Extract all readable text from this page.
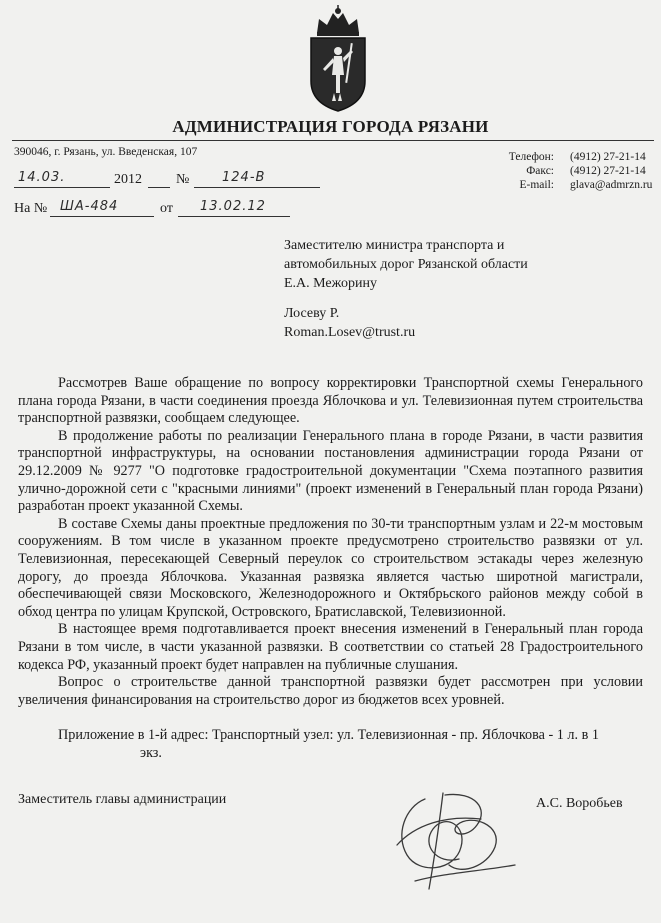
АДМИНИСТРАЦИЯ ГОРОДА РЯЗАНИ
390046, г. Рязань, ул. Введенская, 107	Телефон: (4912) 27-21-14
Факс: (4912) 27-21-14
E-mail: glava@admrzn.ru
14.03.	2012 №	124-В
На № ША-484	от 13.02.12
Заместителю министра транспорта и
автомобильных дорог Рязанской области
Е.А. Межорину
Лосеву Р.
Roman.Losev@trust.ru

Рассмотрев Ваше обращение по вопросу корректировки Транспортной схемы Генерального плана города Рязани, в части соединения проезда Яблочкова и ул. Телевизионная путем строительства транспортной развязки, сообщаем следующее.

В продолжение работы по реализации Генерального плана в городе Рязани, в части развития транспортной инфраструктуры, на основании постановления администрации города Рязани от 29.12.2009 № 9277 "О подготовке градостроительной документации "Схема поэтапного развития улично-дорожной сети с "красными линиями" (проект изменений в Генеральный план города Рязани) разработан проект указанной Схемы.

В составе Схемы даны проектные предложения по 30-ти транспортным узлам и 22-м мостовым сооружениям. В том числе в указанном проекте предусмотрено строительство развязки от ул. Телевизионная, пересекающей Северный переулок со строительством эстакады через железную дорогу, до проезда Яблочкова. Указанная развязка является частью широтной магистрали, обеспечивающей связи Московского, Железнодорожного и Октябрьского районов между собой в обход центра по улицам Крупской, Островского, Братиславской, Телевизионной.

В настоящее время подготавливается проект внесения изменений в Генеральный план города Рязани в том числе, в части указанной развязки. В соответствии со статьей 28 Градостроительного кодекса РФ, указанный проект будет направлен на публичные слушания.

Вопрос о строительстве данной транспортной развязки будет рассмотрен при условии увеличения финансирования на строительство дорог из бюджетов всех уровней.

Приложение в 1-й адрес: Транспортный узел: ул. Телевизионная - пр. Яблочкова - 1 л. в 1
экз.
Заместитель главы администрации	А.С. Воробьев
